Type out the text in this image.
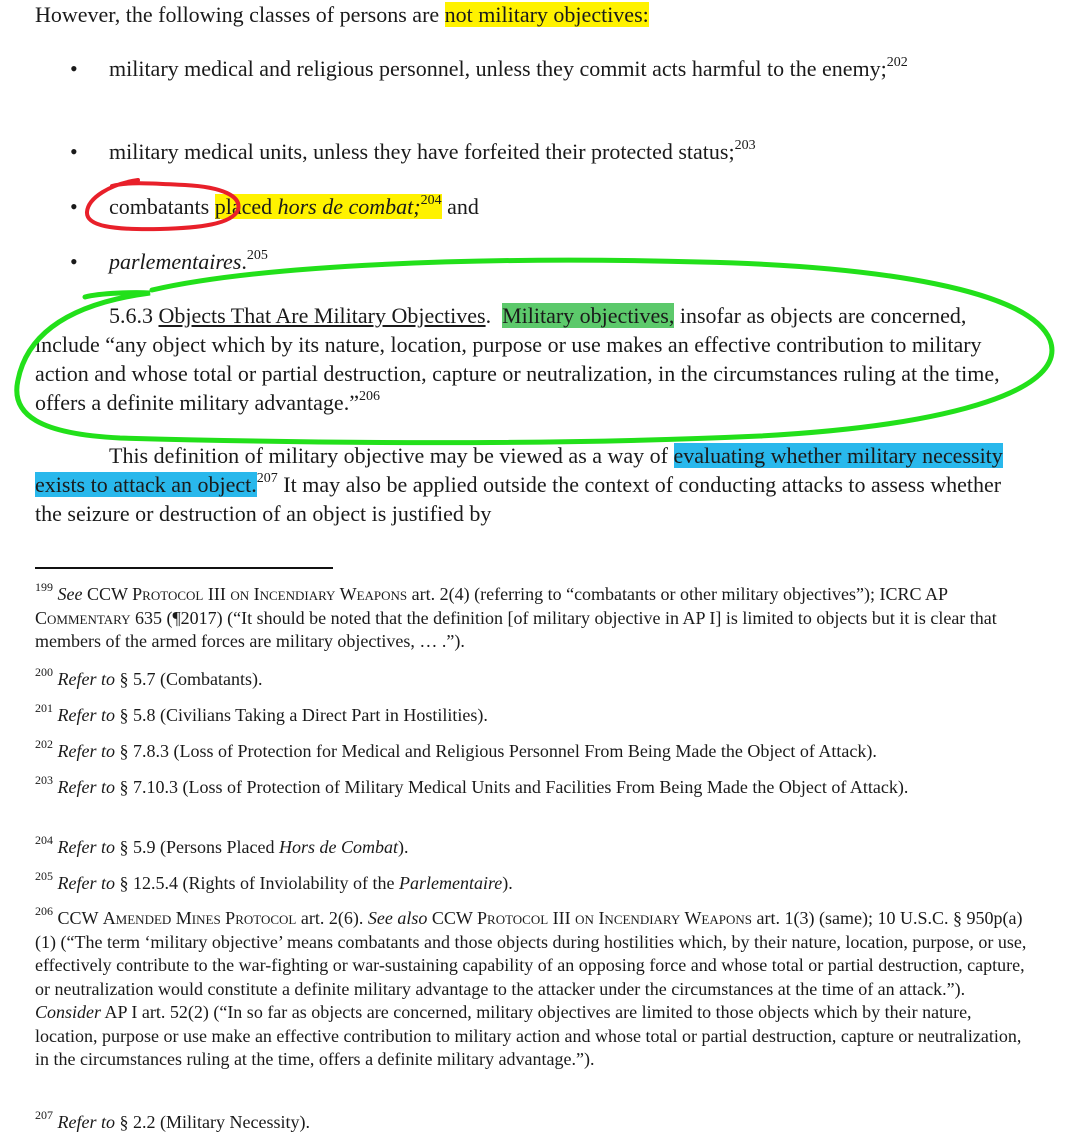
However, the following classes of persons are not military objectives:
• military medical and religious personnel, unless they commit acts harmful to the enemy;$^{202}$
• military medical units, unless they have forfeited their protected status;$^{203}$
• combatants placed hors de combat;$^{204}$ and
• parlementaires.$^{205}$
5.6.3 Objects That Are Military Objectives. Military objectives, insofar as objects are concerned, include “any object which by its nature, location, purpose or use makes an effective contribution to military action and whose total or partial destruction, capture or neutralization, in the circumstances ruling at the time, offers a definite military advantage.”$^{206}$
This definition of military objective may be viewed as a way of evaluating whether military necessity exists to attack an object.$^{207}$ It may also be applied outside the context of conducting attacks to assess whether the seizure or destruction of an object is justified by
$^{199}$ See CCW Protocol III on Incendiary Weapons art. 2(4) (referring to “combatants or other military objectives”); ICRC AP Commentary 635 (¶2017) (“It should be noted that the definition [of military objective in AP I] is limited to objects but it is clear that members of the armed forces are military objectives, … .”).
$^{200}$ Refer to § 5.7 (Combatants).
$^{201}$ Refer to § 5.8 (Civilians Taking a Direct Part in Hostilities).
$^{202}$ Refer to § 7.8.3 (Loss of Protection for Medical and Religious Personnel From Being Made the Object of Attack).
$^{203}$ Refer to § 7.10.3 (Loss of Protection of Military Medical Units and Facilities From Being Made the Object of Attack).
$^{204}$ Refer to § 5.9 (Persons Placed Hors de Combat).
$^{205}$ Refer to § 12.5.4 (Rights of Inviolability of the Parlementaire).
$^{206}$ CCW Amended Mines Protocol art. 2(6). See also CCW Protocol III on Incendiary Weapons art. 1(3) (same); 10 U.S.C. § 950p(a)(1) (“The term ‘military objective’ means combatants and those objects during hostilities which, by their nature, location, purpose, or use, effectively contribute to the war-fighting or war-sustaining capability of an opposing force and whose total or partial destruction, capture, or neutralization would constitute a definite military advantage to the attacker under the circumstances at the time of an attack.”). Consider AP I art. 52(2) (“In so far as objects are concerned, military objectives are limited to those objects which by their nature, location, purpose or use make an effective contribution to military action and whose total or partial destruction, capture or neutralization, in the circumstances ruling at the time, offers a definite military advantage.”).
$^{207}$ Refer to § 2.2 (Military Necessity).
